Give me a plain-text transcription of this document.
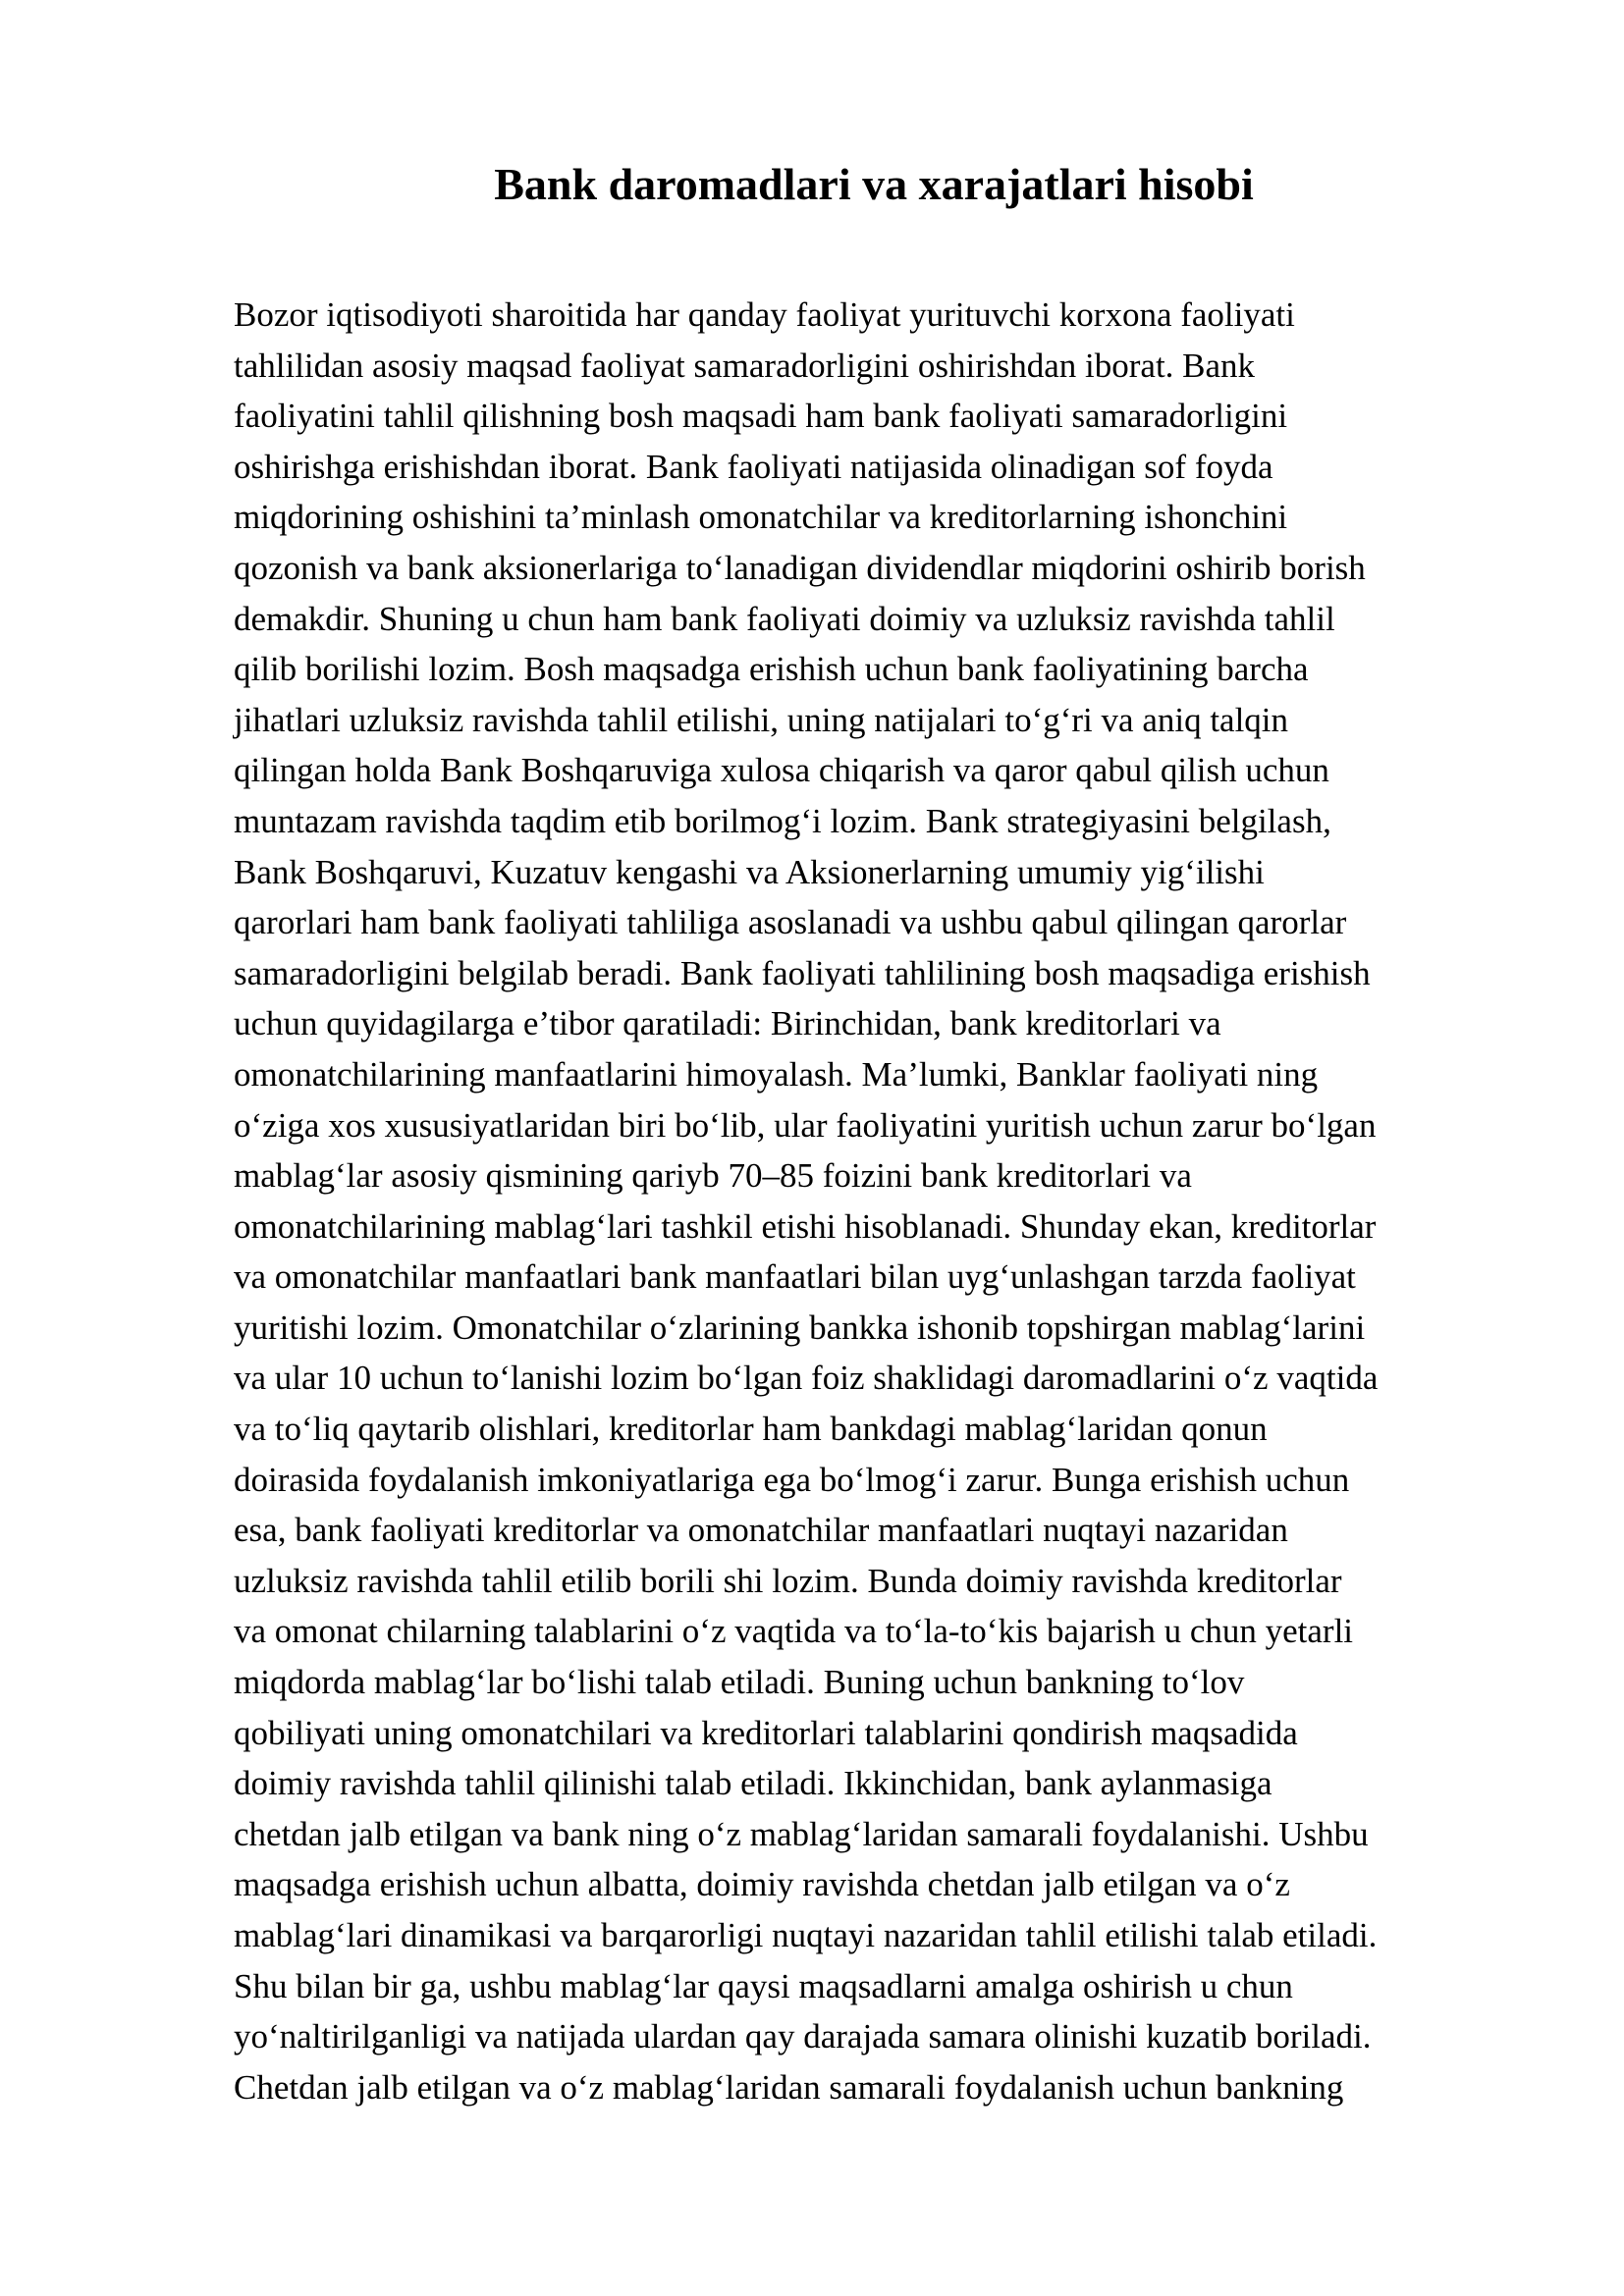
Bank daromadlari va xarajatlari hisobi
Bozor iqtisodiyoti sharoitida har qanday faoliyat yurituvchi korxona faoliyati
tahlilidan asosiy maqsad faoliyat samaradorligini oshirishdan iborat. Bank
faoliyatini tahlil qilishning bosh maqsadi ham bank faoliyati samaradorligini
oshirishga erishishdan iborat. Bank faoliyati natijasida olinadigan sof foyda
miqdorining oshishini ta’minlash omonatchilar va kreditorlarning ishonchini
qozonish va bank aksionerlariga to‘lanadigan dividendlar miqdorini oshirib borish
demakdir. Shuning u chun ham bank faoliyati doimiy va uzluksiz ravishda tahlil
qilib borilishi lozim. Bosh maqsadga erishish uchun bank faoliyatining barcha
jihatlari uzluksiz ravishda tahlil etilishi, uning natijalari to‘g‘ri va aniq talqin
qilingan holda Bank Boshqaruviga xulosa chiqarish va qaror qabul qilish uchun
muntazam ravishda taqdim etib borilmog‘i lozim. Bank strategiyasini belgilash,
Bank Boshqaruvi, Kuzatuv kengashi va Aksionerlarning umumiy yig‘ilishi
qarorlari ham bank faoliyati tahliliga asoslanadi va ushbu qabul qilingan qarorlar
samaradorligini belgilab beradi. Bank faoliyati tahlilining bosh maqsadiga erishish
uchun quyidagilarga e’tibor qaratiladi: Birinchidan, bank kreditorlari va
omonatchilarining manfaatlarini himoyalash. Ma’lumki, Banklar faoliyati ning
o‘ziga xos xususiyatlaridan biri bo‘lib, ular faoliyatini yuritish uchun zarur bo‘lgan
mablag‘lar asosiy qismining qariyb 70–85 foizini bank kreditorlari va
omonatchilarining mablag‘lari tashkil etishi hisoblanadi. Shunday ekan, kreditorlar
va omonatchilar manfaatlari bank manfaatlari bilan uyg‘unlashgan tarzda faoliyat
yuritishi lozim. Omonatchilar o‘zlarining bankka ishonib topshirgan mablag‘larini
va ular 10 uchun to‘lanishi lozim bo‘lgan foiz shaklidagi daromadlarini o‘z vaqtida
va to‘liq qaytarib olishlari, kreditorlar ham bankdagi mablag‘laridan qonun
doirasida foydalanish imkoniyatlariga ega bo‘lmog‘i zarur. Bunga erishish uchun
esa, bank faoliyati kreditorlar va omonatchilar manfaatlari nuqtayi nazaridan
uzluksiz ravishda tahlil etilib borili shi lozim. Bunda doimiy ravishda kreditorlar
va omonat chilarning talablarini o‘z vaqtida va to‘la-to‘kis bajarish u chun yetarli
miqdorda mablag‘lar bo‘lishi talab etiladi. Buning uchun bankning to‘lov
qobiliyati uning omonatchilari va kreditorlari talablarini qondirish maqsadida
doimiy ravishda tahlil qilinishi talab etiladi. Ikkinchidan, bank aylanmasiga
chetdan jalb etilgan va bank ning o‘z mablag‘laridan samarali foydalanishi. Ushbu
maqsadga erishish uchun albatta, doimiy ravishda chetdan jalb etilgan va o‘z
mablag‘lari dinamikasi va barqarorligi nuqtayi nazaridan tahlil etilishi talab etiladi.
Shu bilan bir ga, ushbu mablag‘lar qaysi maqsadlarni amalga oshirish u chun
yo‘naltirilganligi va natijada ulardan qay darajada samara olinishi kuzatib boriladi.
Chetdan jalb etilgan va o‘z mablag‘laridan samarali foydalanish uchun bankning
